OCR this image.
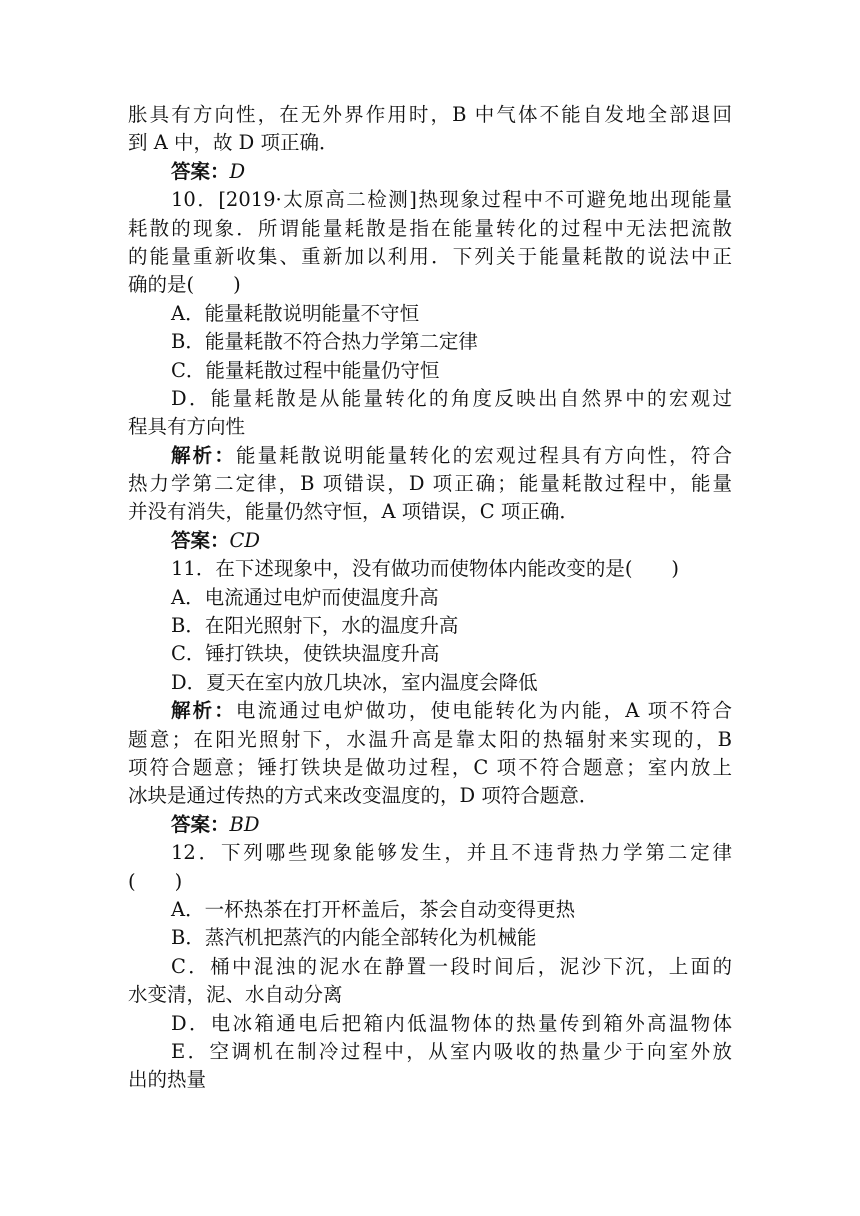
胀具有方向性，在无外界作用时，B 中气体不能自发地全部退回
到 A 中，故 D 项正确．
答案：D
10．[2019·太原高二检测]热现象过程中不可避免地出现能量
耗散的现象．所谓能量耗散是指在能量转化的过程中无法把流散
的能量重新收集、重新加以利用．下列关于能量耗散的说法中正
确的是(　　)
A．能量耗散说明能量不守恒
B．能量耗散不符合热力学第二定律
C．能量耗散过程中能量仍守恒
D．能量耗散是从能量转化的角度反映出自然界中的宏观过
程具有方向性
解析：能量耗散说明能量转化的宏观过程具有方向性，符合
热力学第二定律，B 项错误，D 项正确；能量耗散过程中，能量
并没有消失，能量仍然守恒，A 项错误，C 项正确．
答案：CD
11．在下述现象中，没有做功而使物体内能改变的是(　　)
A．电流通过电炉而使温度升高
B．在阳光照射下，水的温度升高
C．锤打铁块，使铁块温度升高
D．夏天在室内放几块冰，室内温度会降低
解析：电流通过电炉做功，使电能转化为内能，A 项不符合
题意；在阳光照射下，水温升高是靠太阳的热辐射来实现的，B
项符合题意；锤打铁块是做功过程，C 项不符合题意；室内放上
冰块是通过传热的方式来改变温度的，D 项符合题意．
答案：BD
12．下列哪些现象能够发生，并且不违背热力学第二定律
(　　)
A．一杯热茶在打开杯盖后，茶会自动变得更热
B．蒸汽机把蒸汽的内能全部转化为机械能
C．桶中混浊的泥水在静置一段时间后，泥沙下沉，上面的
水变清，泥、水自动分离
D．电冰箱通电后把箱内低温物体的热量传到箱外高温物体
E．空调机在制冷过程中，从室内吸收的热量少于向室外放
出的热量
